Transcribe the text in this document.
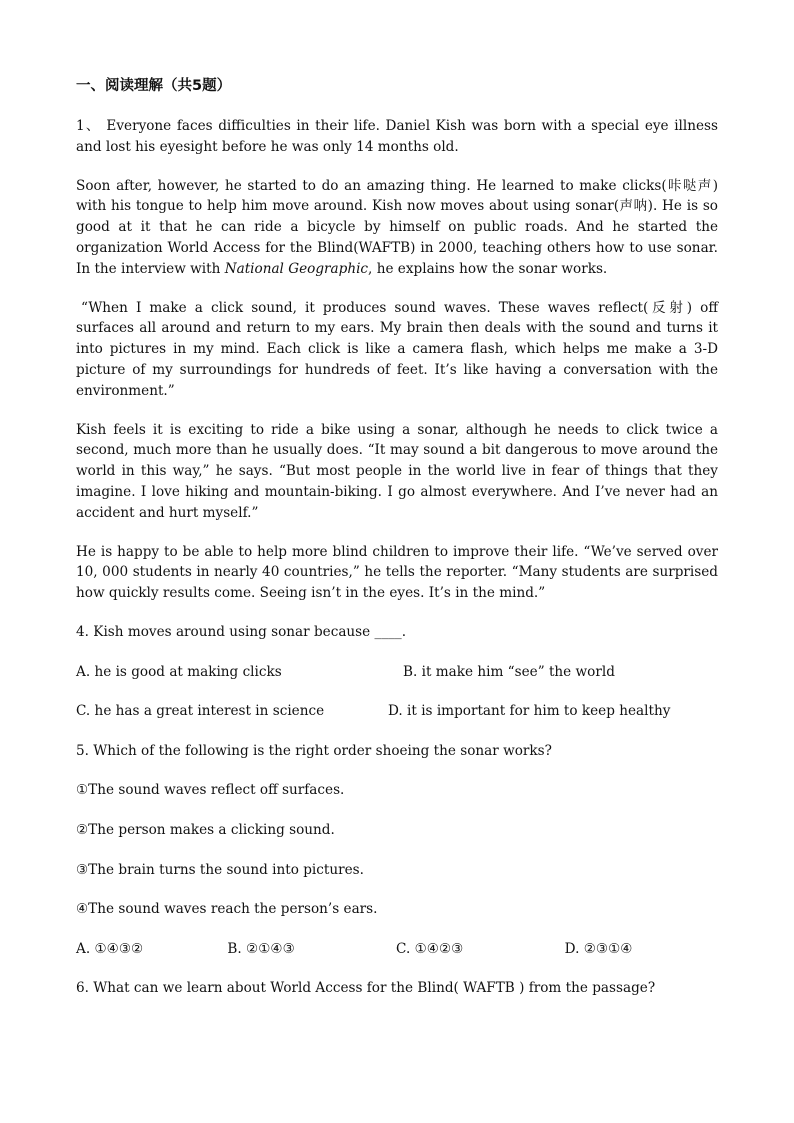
一、阅读理解（共5题）

1、 Everyone faces difficulties in their life. Daniel Kish was born with a special eye illness and lost his eyesight before he was only 14 months old.

Soon after, however, he started to do an amazing thing. He learned to make clicks(咔哒声) with his tongue to help him move around. Kish now moves about using sonar(声呐). He is so good at it that he can ride a bicycle by himself on public roads. And he started the organization World Access for the Blind(WAFTB) in 2000, teaching others how to use sonar. In the interview with National Geographic, he explains how the sonar works.

“When I make a click sound, it produces sound waves. These waves reflect(反射) off surfaces all around and return to my ears. My brain then deals with the sound and turns it into pictures in my mind. Each click is like a camera flash, which helps me make a 3-D picture of my surroundings for hundreds of feet. It’s like having a conversation with the environment.”

Kish feels it is exciting to ride a bike using a sonar, although he needs to click twice a second, much more than he usually does. “It may sound a bit dangerous to move around the world in this way,” he says. “But most people in the world live in fear of things that they imagine. I love hiking and mountain-biking. I go almost everywhere. And I’ve never had an accident and hurt myself.”

He is happy to be able to help more blind children to improve their life. “We’ve served over 10, 000 students in nearly 40 countries,” he tells the reporter. “Many students are surprised how quickly results come. Seeing isn’t in the eyes. It’s in the mind.”

4. Kish moves around using sonar because ____.
A. he is good at making clicks	B. it make him “see” the world
C. he has a great interest in science	D. it is important for him to keep healthy
5. Which of the following is the right order shoeing the sonar works?
①The sound waves reflect off surfaces.
②The person makes a clicking sound.
③The brain turns the sound into pictures.
④The sound waves reach the person’s ears.
A. ①④③②	B. ②①④③	C. ①④②③	D. ②③①④
6. What can we learn about World Access for the Blind( WAFTB ) from the passage?
